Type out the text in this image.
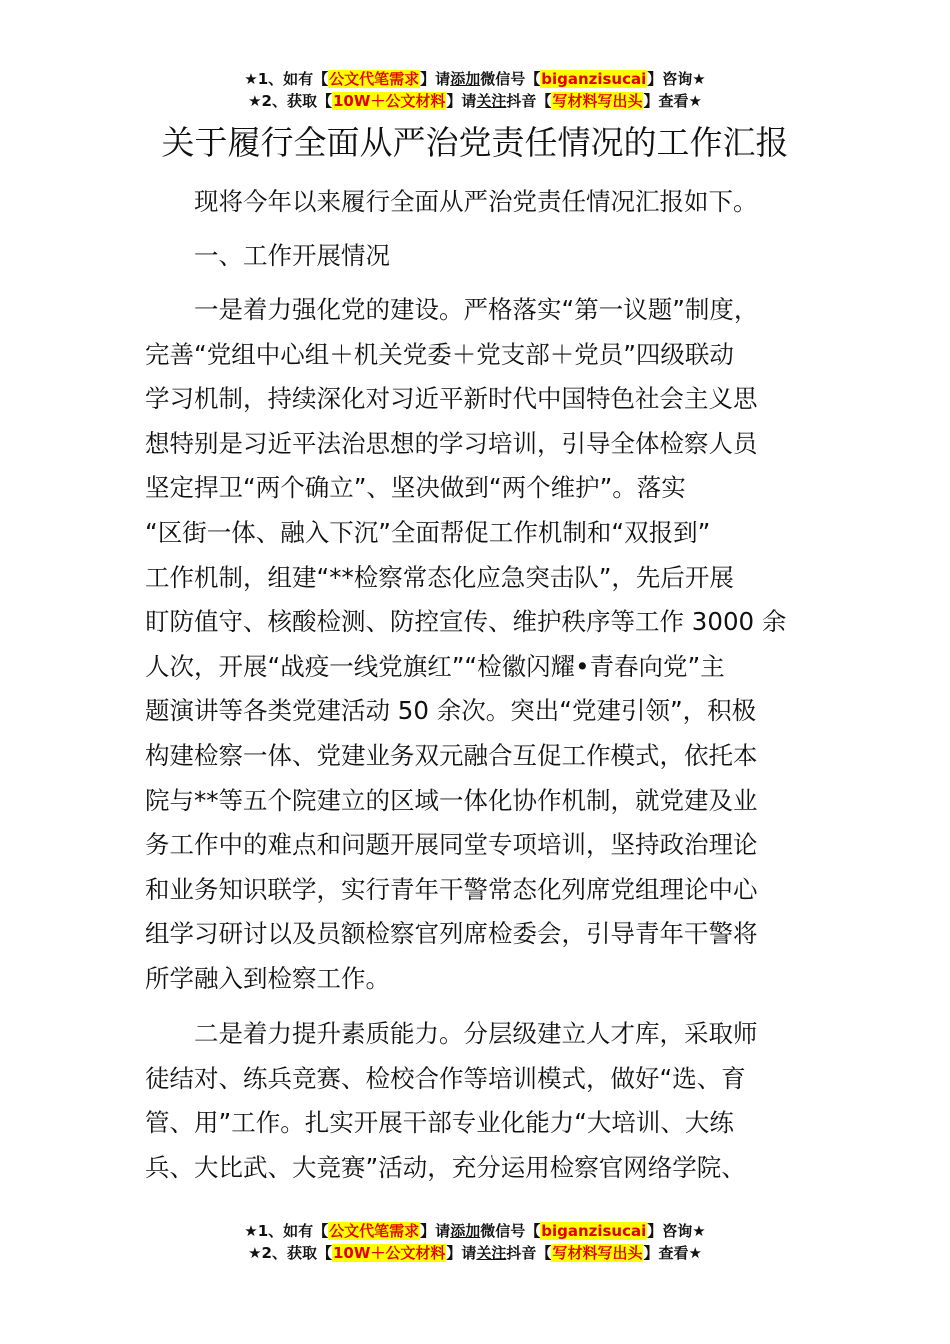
★1、如有【公文代笔需求】请添加微信号【biganzisucai】咨询★
★2、获取【10W＋公文材料】请关注抖音【写材料写出头】查看★
关于履行全面从严治党责任情况的工作汇报

现将今年以来履行全面从严治党责任情况汇报如下。

一、工作开展情况

一是着力强化党的建设。严格落实“第一议题”制度，
完善“党组中心组＋机关党委＋党支部＋党员”四级联动
学习机制，持续深化对习近平新时代中国特色社会主义思
想特别是习近平法治思想的学习培训，引导全体检察人员
坚定捍卫“两个确立”、坚决做到“两个维护”。落实
“区街一体、融入下沉”全面帮促工作机制和“双报到”
工作机制，组建“**检察常态化应急突击队”，先后开展
盯防值守、核酸检测、防控宣传、维护秩序等工作 3000 余
人次，开展“战疫一线党旗红”“检徽闪耀•青春向党”主
题演讲等各类党建活动 50 余次。突出“党建引领”，积极
构建检察一体、党建业务双元融合互促工作模式，依托本
院与**等五个院建立的区域一体化协作机制，就党建及业
务工作中的难点和问题开展同堂专项培训，坚持政治理论
和业务知识联学，实行青年干警常态化列席党组理论中心
组学习研讨以及员额检察官列席检委会，引导青年干警将
所学融入到检察工作。
二是着力提升素质能力。分层级建立人才库，采取师
徒结对、练兵竞赛、检校合作等培训模式，做好“选、育
管、用”工作。扎实开展干部专业化能力“大培训、大练
兵、大比武、大竞赛”活动，充分运用检察官网络学院、
★1、如有【公文代笔需求】请添加微信号【biganzisucai】咨询★
★2、获取【10W＋公文材料】请关注抖音【写材料写出头】查看★
